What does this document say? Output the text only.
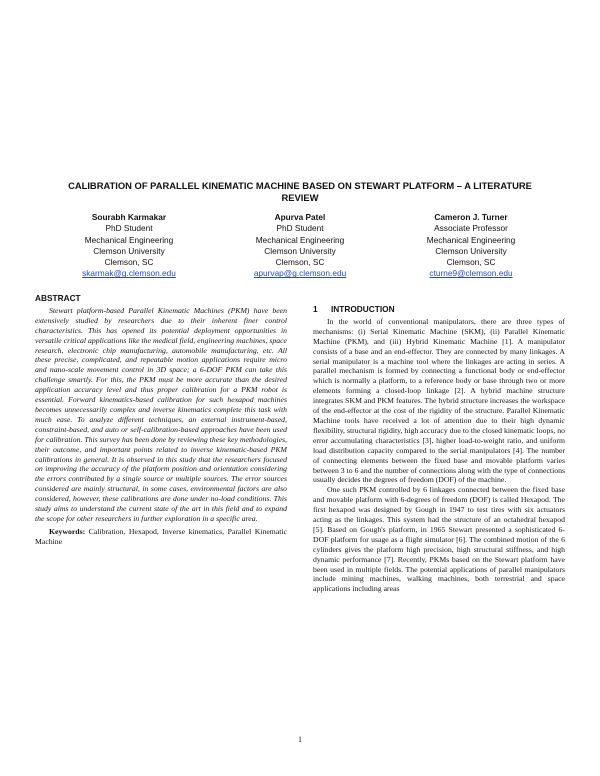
CALIBRATION OF PARALLEL KINEMATIC MACHINE BASED ON STEWART PLATFORM – A LITERATURE REVIEW
Sourabh Karmakar
PhD Student
Mechanical Engineering
Clemson University
Clemson, SC
skarmak@g.clemson.edu
Apurva Patel
PhD Student
Mechanical Engineering
Clemson University
Clemson, SC
apurvap@g.clemson.edu
Cameron J. Turner
Associate Professor
Mechanical Engineering
Clemson University
Clemson, SC
cturne9@clemson.edu
ABSTRACT

Stewart platform-based Parallel Kinematic Machines (PKM) have been extensively studied by researchers due to their inherent finer control characteristics. This has opened its potential deployment opportunities in versatile critical applications like the medical field, engineering machines, space research, electronic chip manufacturing, automobile manufacturing, etc. All these precise, complicated, and repeatable motion applications require micro and nano-scale movement control in 3D space; a 6-DOF PKM can take this challenge smartly. For this, the PKM must be more accurate than the desired application accuracy level and thus proper calibration for a PKM robot is essential. Forward kinematics-based calibration for such hexapod machines becomes unnecessarily complex and inverse kinematics complete this task with much ease. To analyze different techniques, an external instrument-based, constraint-based, and auto or self-calibration-based approaches have been used for calibration. This survey has been done by reviewing these key methodologies, their outcome, and important points related to inverse kinematic-based PKM calibrations in general. It is observed in this study that the researchers focused on improving the accuracy of the platform position and orientation considering the errors contributed by a single source or multiple sources. The error sources considered are mainly structural, in some cases, environmental factors are also considered, however, these calibrations are done under no-load conditions. This study aims to understand the current state of the art in this field and to expand the scope for other researchers in further exploration in a specific area.

Keywords: Calibration, Hexapod, Inverse kinematics, Parallel Kinematic Machine

1	INTRODUCTION

In the world of conventional manipulators, there are three types of mechanisms: (i) Serial Kinematic Machine (SKM), (ii) Parallel Kinematic Machine (PKM), and (iii) Hybrid Kinematic Machine [1]. A manipulator consists of a base and an end-effector. They are connected by many linkages. A serial manipulator is a machine tool where the linkages are acting in series. A parallel mechanism is formed by connecting a functional body or end-effector which is normally a platform, to a reference body or base through two or more elements forming a closed-loop linkage [2]. A hybrid machine structure integrates SKM and PKM features. The hybrid structure increases the workspace of the end-effector at the cost of the rigidity of the structure. Parallel Kinematic Machine tools have received a lot of attention due to their high dynamic flexibility, structural rigidity, high accuracy due to the closed kinematic loops, no error accumulating characteristics [3], higher load-to-weight ratio, and uniform load distribution capacity compared to the serial manipulators [4]. The number of connecting elements between the fixed base and movable platform varies between 3 to 6 and the number of connections along with the type of connections usually decides the degrees of freedom (DOF) of the machine.

One such PKM controlled by 6 linkages connected between the fixed base and movable platform with 6-degrees of freedom (DOF) is called Hexapod. The first hexapod was designed by Gough in 1947 to test tires with six actuators acting as the linkages. This system had the structure of an octahedral hexapod [5]. Based on Gough's platform, in 1965 Stewart presented a sophisticated 6-DOF platform for usage as a flight simulator [6]. The combined motion of the 6 cylinders gives the platform high precision, high structural stiffness, and high dynamic performance [7]. Recently, PKMs based on the Stewart platform have been used in multiple fields. The potential applications of parallel manipulators include mining machines, walking machines, both terrestrial and space applications including areas

1
